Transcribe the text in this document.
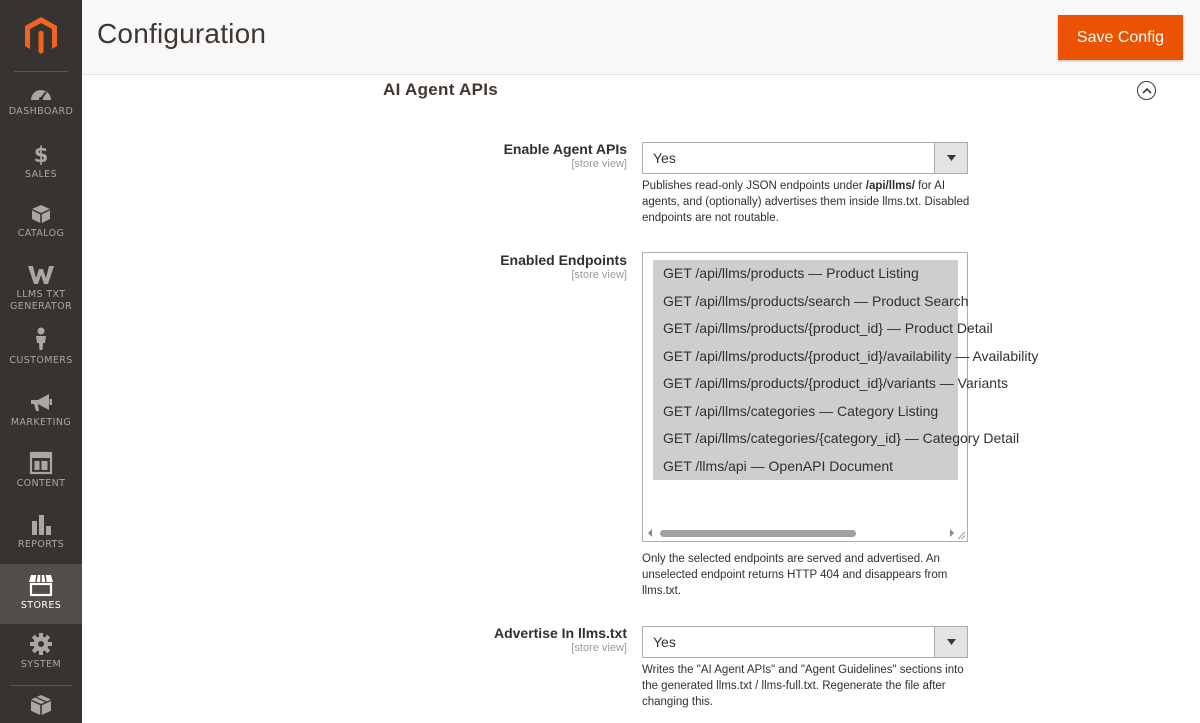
DASHBOARD
$
SALES
CATALOG
LLMS TXT
GENERATOR
CUSTOMERS
MARKETING
CONTENT
REPORTS
STORES
SYSTEM
Configuration	Save Config
AI Agent APIs
Enable Agent APIs
[store view] Yes
Publishes read-only JSON endpoints under /api/llms/ for AI agents, and (optionally) advertises them inside llms.txt. Disabled endpoints are not routable.
Enabled Endpoints
[store view]	GET /api/llms/products — Product Listing
GET /api/llms/products/search — Product Search
GET /api/llms/products/{product_id} — Product Detail
GET /api/llms/products/{product_id}/availability — Availability
GET /api/llms/products/{product_id}/variants — Variants
GET /api/llms/categories — Category Listing
GET /api/llms/categories/{category_id} — Category Detail
GET /llms/api — OpenAPI Document
Only the selected endpoints are served and advertised. An unselected endpoint returns HTTP 404 and disappears from llms.txt.
Advertise In llms.txt
[store view] Yes
Writes the "AI Agent APIs" and "Agent Guidelines" sections into the generated llms.txt / llms-full.txt. Regenerate the file after changing this.
